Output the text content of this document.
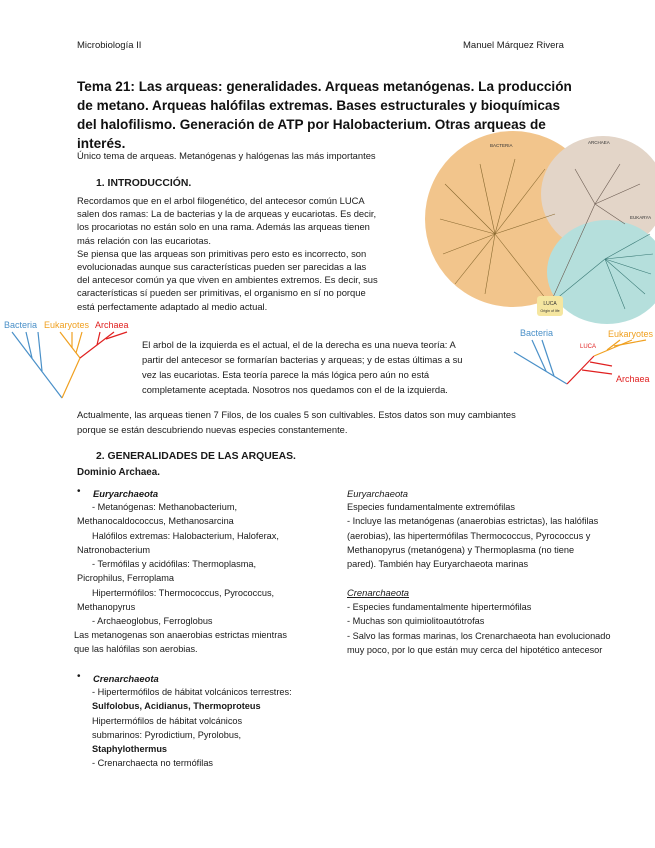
Microbiología II	Manuel Márquez Rivera
Tema 21: Las arqueas: generalidades. Arqueas metanógenas. La producción de metano. Arqueas halófilas extremas. Bases estructurales y bioquímicas del halofilismo. Generación de ATP por Halobacterium. Otras arqueas de interés.
Único tema de arqueas. Metanógenas y halógenas las más importantes
1. INTRODUCCIÓN.
Recordamos que en el arbol filogenético, del antecesor común LUCA
salen dos ramas: La de bacterias y la de arqueas y eucariotas. Es decir,
los procariotas no están solo en una rama. Además las arqueas tienen
más relación con las eucariotas.
Se piensa que las arqueas son primitivas pero esto es incorrecto, son
evolucionadas aunque sus características pueden ser parecidas a las
del antecesor común ya que viven en ambientes extremos. Es decir, sus
características sí pueden ser primitivas, el organismo en sí no porque
está perfectamente adaptado al medio actual.	LUCA
Origin of life
BACTERIA
ARCHAEA
EUKARYA
Bacteria Eukaryotes Archaea
El arbol de la izquierda es el actual, el de la derecha es una nueva teoría: A
partir del antecesor se formarían bacterias y arqueas; y de estas últimas a su
vez las eucariotas. Esta teoría parece la más lógica pero aún no está
completamente aceptada. Nosotros nos quedamos con el de la izquierda.
Bacteria
LUCA
Eukaryotes
Archaea
Actualmente, las arqueas tienen 7 Filos, de los cuales 5 son cultivables. Estos datos son muy cambiantes
porque se están descubriendo nuevas especies constantemente.
2. GENERALIDADES DE LAS ARQUEAS.
Dominio Archaea.
• Euryarchaeota
- Metanógenas: Methanobacterium,
Methanocaldococcus, Methanosarcina
Halófilos extremas: Halobacterium, Haloferax,
Natronobacterium
- Termófilas y acidófilas: Thermoplasma,
Picrophilus, Ferroplama
Hipertermófilos: Thermococcus, Pyrococcus,
Methanopyrus
- Archaeoglobus, Ferroglobus
Las metanogenas son anaerobias estrictas mientras
que las halófilas son aerobias.
• Crenarchaeota
- Hipertermófilos de hábitat volcánicos terrestres:
Sulfolobus, Acidianus, Thermoproteus
Hipertermófilos de hábitat volcánicos
submarinos: Pyrodictium, Pyrolobus,
Staphylothermus
- Crenarchaecta no termófilas
Euryarchaeota
Especies fundamentalmente extremófilas
- Incluye las metanógenas (anaerobias estrictas), las halófilas
(aerobias), las hipertermófilas Thermococcus, Pyrococcus y
Methanopyrus (metanógena) y Thermoplasma (no tiene
pared). También hay Euryarchaeota marinas
Crenarchaeota
- Especies fundamentalmente hipertermófilas
- Muchas son quimiolitoautótrofas
- Salvo las formas marinas, los Crenarchaeota han evolucionado
muy poco, por lo que están muy cerca del hipotético antecesor
